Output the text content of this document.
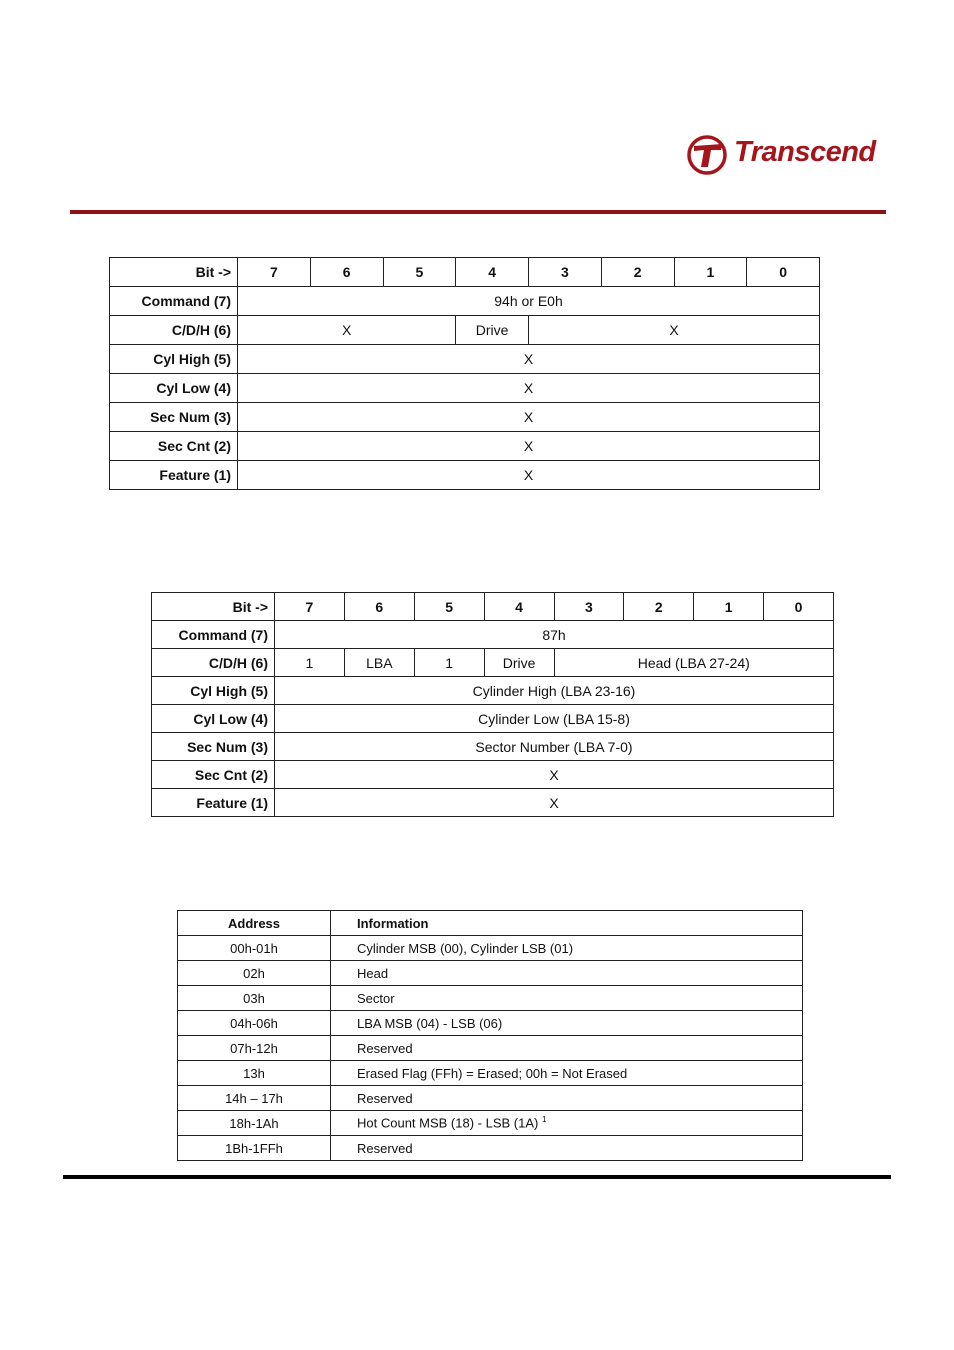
Transcend
Bit ->	7	6	5	4	3	2	1	0
Command (7)	94h or E0h							
C/D/H (6)	X			Drive	X			
Cyl High (5)	X							
Cyl Low (4)	X							
Sec Num (3)	X							
Sec Cnt (2)	X							
Feature (1)	X							
Bit ->	7	6	5	4	3	2	1	0
Command (7)	87h							
C/D/H (6)	1	LBA	1	Drive	Head (LBA 27-24)			
Cyl High (5)	Cylinder High (LBA 23-16)							
Cyl Low (4)	Cylinder Low (LBA 15-8)							
Sec Num (3)	Sector Number (LBA 7-0)							
Sec Cnt (2)	X							
Feature (1)	X							
Address	Information
00h-01h	Cylinder MSB (00), Cylinder LSB (01)
02h	Head
03h	Sector
04h-06h	LBA MSB (04) - LSB (06)
07h-12h	Reserved
13h	Erased Flag (FFh) = Erased; 00h = Not Erased
14h – 17h	Reserved
18h-1Ah	Hot Count MSB (18) - LSB (1A) $^1$
1Bh-1FFh	Reserved
